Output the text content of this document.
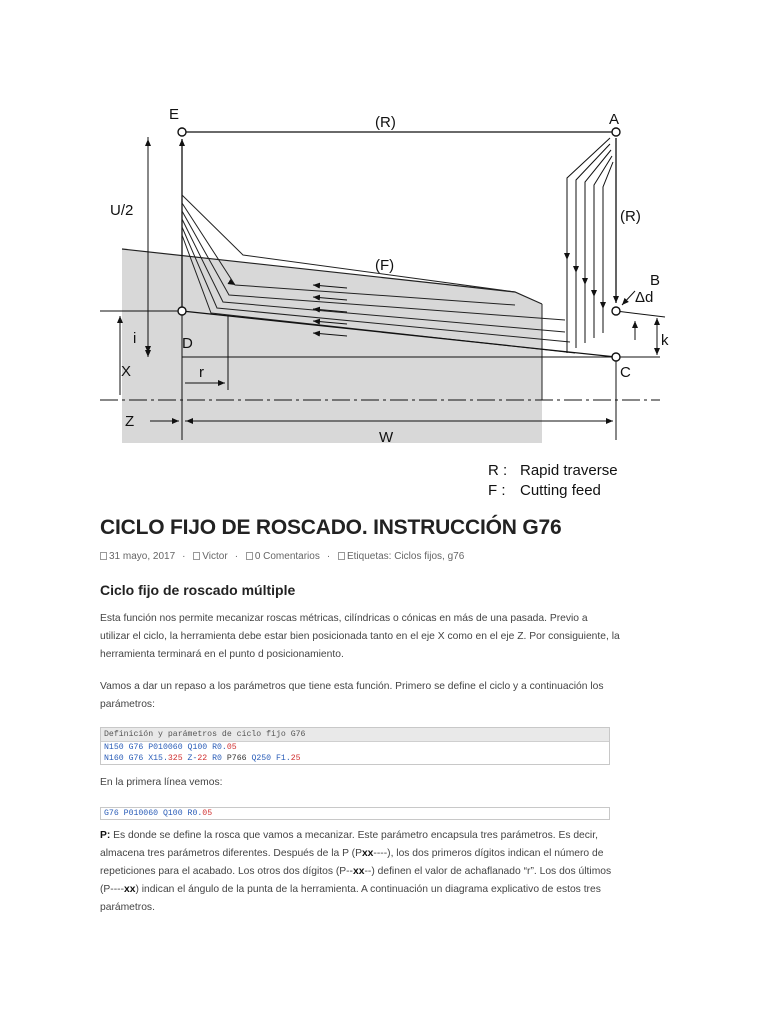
E	A
(R)
(R)
U/2
(F)
B
Δd
i	D	k
X	C
r
Z
W
R : Rapid traverse
F : Cutting feed
CICLO FIJO DE ROSCADO. INSTRUCCIÓN G76
31 mayo, 2017 · Victor · 0 Comentarios · Etiquetas: Ciclos fijos, g76
Ciclo fijo de roscado múltiple

Esta función nos permite mecanizar roscas métricas, cilíndricas o cónicas en más de una pasada. Previo a utilizar el ciclo, la herramienta debe estar bien posicionada tanto en el eje X como en el eje Z. Por consiguiente, la herramienta terminará en el punto d posicionamiento.

Vamos a dar un repaso a los parámetros que tiene esta función. Primero se define el ciclo y a continuación los parámetros:

Definición y parámetros de ciclo fijo G76
N150 G76 P010060 Q100 R0.05
N160 G76 X15.325 Z-22 R0 P766 Q250 F1.25

En la primera línea vemos:

G76 P010060 Q100 R0.05

P: Es donde se define la rosca que vamos a mecanizar. Este parámetro encapsula tres parámetros. Es decir, almacena tres parámetros diferentes. Después de la P (Pxx----), los dos primeros dígitos indican el número de repeticiones para el acabado. Los otros dos dígitos (P--xx--) definen el valor de achaflanado “r”. Los dos últimos (P----xx) indican el ángulo de la punta de la herramienta. A continuación un diagrama explicativo de estos tres parámetros.
